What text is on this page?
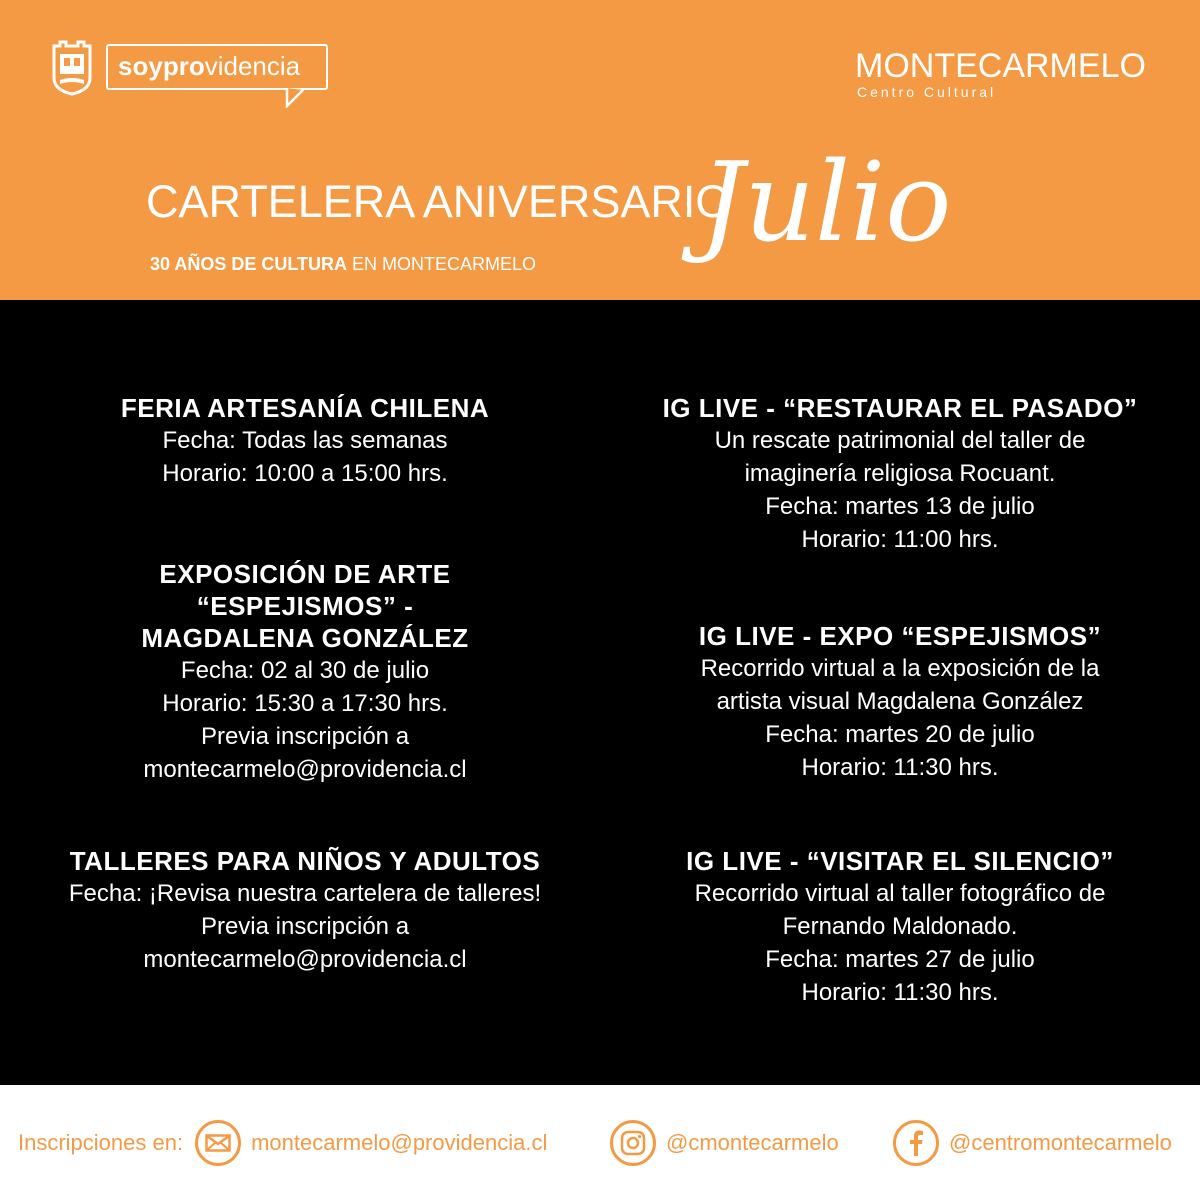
soyprovidencia	MONTECARMELO
Centro Cultural
CARTELERA ANIVERSARIO
30 AÑOS DE CULTURA EN MONTECARMELO Julio
FERIA ARTESANÍA CHILENA
Fecha: Todas las semanas
Horario: 10:00 a 15:00 hrs.
EXPOSICIÓN DE ARTE
“ESPEJISMOS” -
MAGDALENA GONZÁLEZ
Fecha: 02 al 30 de julio
Horario: 15:30 a 17:30 hrs.
Previa inscripción a
montecarmelo@providencia.cl
TALLERES PARA NIÑOS Y ADULTOS
Fecha: ¡Revisa nuestra cartelera de talleres!
Previa inscripción a
montecarmelo@providencia.cl
IG LIVE - “RESTAURAR EL PASADO”
Un rescate patrimonial del taller de
imaginería religiosa Rocuant.
Fecha: martes 13 de julio
Horario: 11:00 hrs.
IG LIVE - EXPO “ESPEJISMOS”
Recorrido virtual a la exposición de la
artista visual Magdalena González
Fecha: martes 20 de julio
Horario: 11:30 hrs.
IG LIVE - “VISITAR EL SILENCIO”
Recorrido virtual al taller fotográfico de
Fernando Maldonado.
Fecha: martes 27 de julio
Horario: 11:30 hrs.
Inscripciones en:	montecarmelo@providencia.cl	@cmontecarmelo	@centromontecarmelo
